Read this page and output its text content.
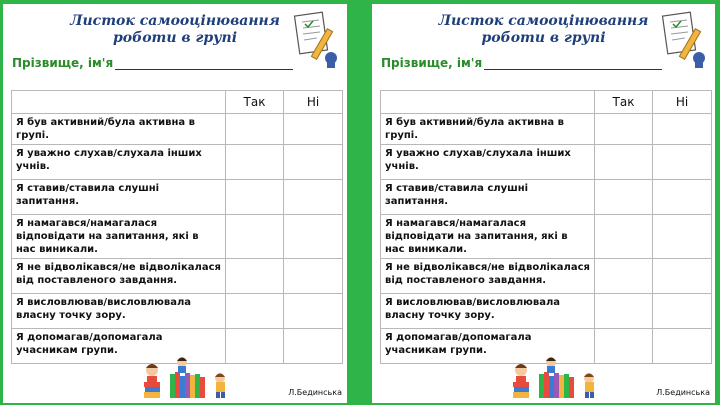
Листок самооцінювання
роботи в групі
Прізвище, ім'я
	Так	Ні
Я був активний/була активна в групі.		
Я уважно слухав/слухала інших учнів.		
Я ставив/ставила слушні запитання.		
Я намагався/намагалася відповідати на запитання, які в нас виникали.		
Я не відволікався/не відволікалася від поставленого завдання.		
Я висловлював/висловлювала власну точку зору.		
Я допомагав/допомагала учасникам групи.		
Л.Бединська
Листок самооцінювання
роботи в групі
Прізвище, ім'я
	Так	Ні
Я був активний/була активна в групі.		
Я уважно слухав/слухала інших учнів.		
Я ставив/ставила слушні запитання.		
Я намагався/намагалася відповідати на запитання, які в нас виникали.		
Я не відволікався/не відволікалася від поставленого завдання.		
Я висловлював/висловлювала власну точку зору.		
Я допомагав/допомагала учасникам групи.		
Л.Бединська
